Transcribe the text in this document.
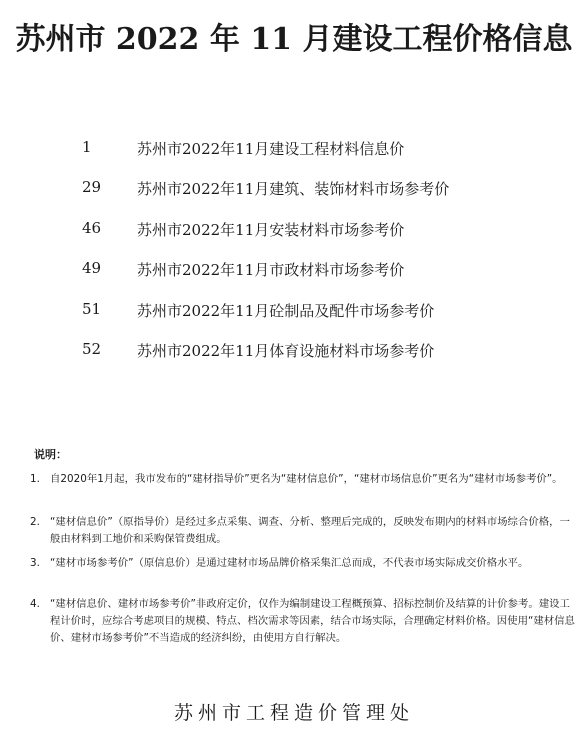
苏州市 2022 年 11 月建设工程价格信息
1	苏州市2022年11月建设工程材料信息价
29	苏州市2022年11月建筑、装饰材料市场参考价
46	苏州市2022年11月安装材料市场参考价
49	苏州市2022年11月市政材料市场参考价
51	苏州市2022年11月砼制品及配件市场参考价
52	苏州市2022年11月体育设施材料市场参考价
说明：
1. 自2020年1月起，我市发布的“建材指导价”更名为“建材信息价”，“建材市场信息价”更名为“建材市场参考价”。
2. “建材信息价”（原指导价）是经过多点采集、调查、分析、整理后完成的，反映发布期内的材料市场综合价格，一般由材料到工地价和采购保管费组成。
3. “建材市场参考价”（原信息价）是通过建材市场品牌价格采集汇总而成，不代表市场实际成交价格水平。
4. “建材信息价、建材市场参考价”非政府定价，仅作为编制建设工程概预算、招标控制价及结算的计价参考。建设工程计价时，应综合考虑项目的规模、特点、档次需求等因素，结合市场实际，合理确定材料价格。因使用“建材信息价、建材市场参考价”不当造成的经济纠纷，由使用方自行解决。
苏州市工程造价管理处
